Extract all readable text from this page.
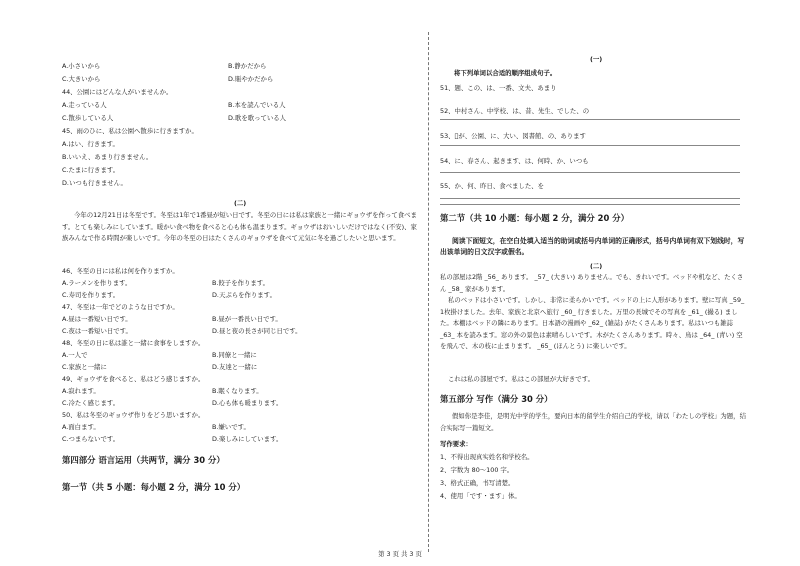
A.小さいから	B.静かだから
C.大きいから	D.賑やかだから
44、公園にはどんな人がいませんか。
A.走っている人	B.本を読んでいる人
C.散歩している人	D.歌を歌っている人
45、雨のひに、私は公園へ散歩に行きますか。
A.はい、行きます。
B.いいえ、あまり行きません。
C.たまに行きます。
D.いつも行きません。
(二)
今年の12月21日は冬至です。冬至は1年で1番昼が短い日です。冬至の日には私は家族と一緒にギョウザを作って食べます。とても楽しみにしています。暖かい食べ物を食べると心も体も温まります。ギョウザはおいしいだけではなく(不安)、家族みんなで作る時間が楽しいです。今年の冬至の日はたくさんのギョウザを食べて元気に冬を過ごしたいと思います。
46、冬至の日には私は何を作りますか。
A.ラーメンを作ります。	B.餃子を作ります。
C.寿司を作ります。	D.天ぷらを作ります。
47、冬至は一年でどのような日ですか。
A.昼は一番短い日です。	B.昼が一番長い日です。
C.夜は一番短い日です。	D.昼と夜の長さが同じ日です。
48、冬至の日に私は誰と一緒に食事をしますか。
A.一人で	B.同僚と一緒に
C.家族と一緒に	D.友達と一緒に
49、ギョウザを食べると、私はどう感じますか。
A.寂れます。	B.眠くなります。
C.冷たく感じます。	D.心も体も暖まります。
50、私は冬至のギョウザ作りをどう思いますか。
A.面白ます。	B.嫌いです。
C.つまらないです。	D.楽しみにしています。
第四部分 语言运用（共两节，满分 30 分）
第一节（共 5 小题：每小题 2 分，满分 10 分）
(一)
将下列单词以合适的顺序组成句子。
51、题、この、は、一番、文夫、あまり
52、中村さん、中学校、は、昔、先生、でした、の
53、 が、公園、に、大い、図書館、の、あります
54、に、春さん、起きます、は、何時、か、いつも
55、か、何、昨日、食べました、を
第二节（共 10 小题：每小题 2 分，满分 20 分）
阅读下面短文，在空白处填入适当的助词或括号内单词的正确形式，括号内单词有双下划线时，写出该单词的日文汉字或假名。
(二)
私の部屋は2階 _56_ あります。 _57_ (大きい) ありません。でも、きれいです。ベッドや机など、たくさん _58_ 家があります。
私のベッドは小さいです。しかし、非常に柔らかいです。ベッドの上に人形があります。壁に写真 _59_ 1枚掛けました。去年、家族と北京へ旅行 _60_ 行きました。万里の長城でその写真を _61_ (撮る) ました。本棚はベッドの隣にあります。日本語の漫画や _62_ (雑誌) がたくさんあります。私はいつも雑誌 _63_ 本を読みます。窓の外の景色は素晴らしいです。木がたくさんあります。時々、鳥は _64_ (青い) 空を飛んで、木の枝に止まります。 _65_ (ほんとう) に楽しいです。
これは私の部屋です。私はこの部屋が大好きです。
第五部分 写作（满分 30 分）
假如你是李佳，是明光中学的学生，要向日本的留学生介绍自己的学校，请以「わたしの学校」为题，结合实际写一篇短文。
写作要求：
1、不得出现真实姓名和学校名。
2、字数为 80～100 字。
3、格式正确，书写清楚。
4、使用「です・ます」体。
第 3 页 共 3 页
